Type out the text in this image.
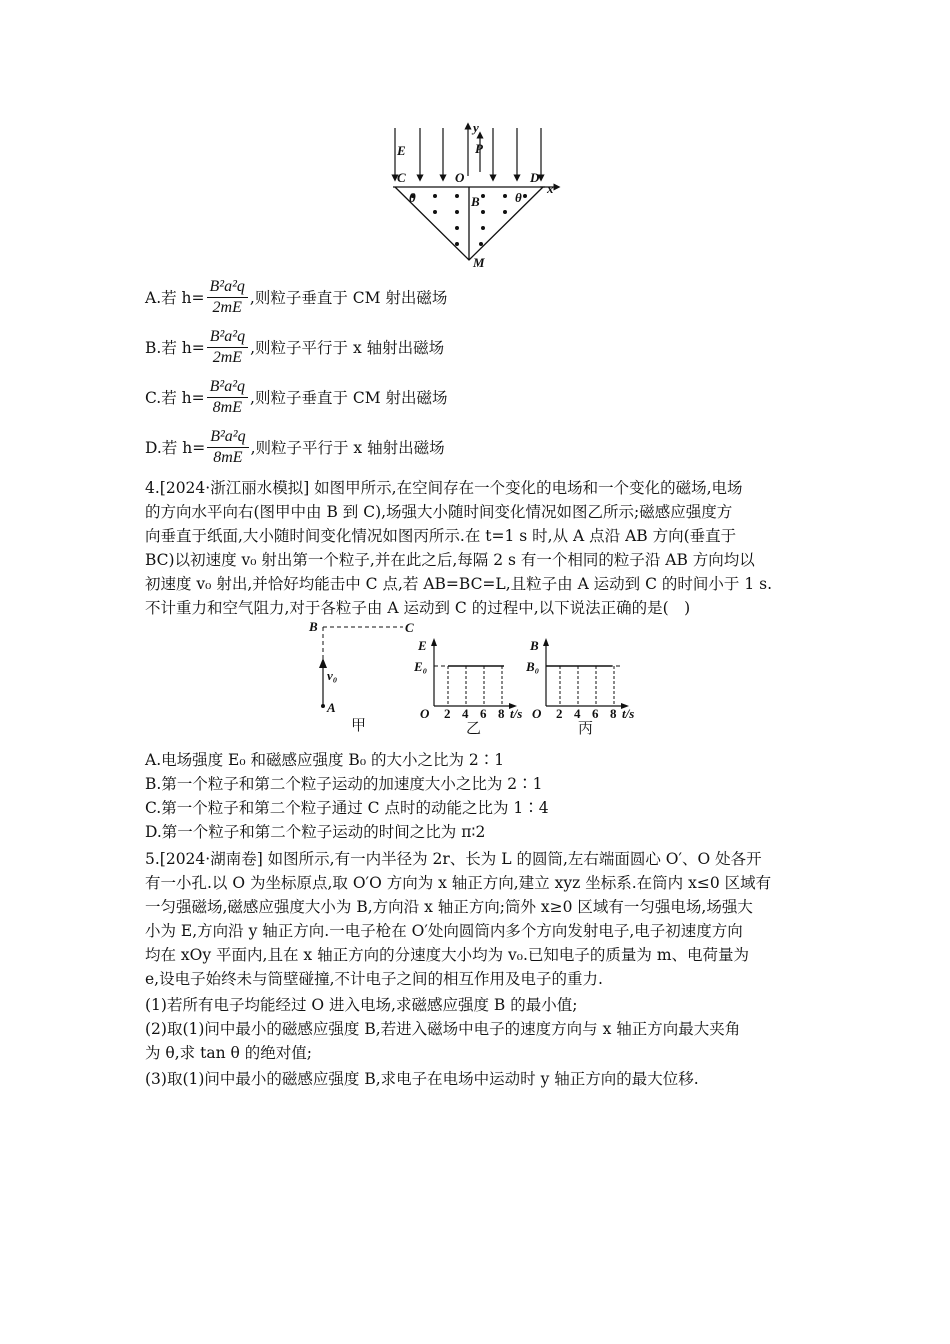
y
E	P
C	O	D
x
θ	B	θ
M
A.若 $h= \frac{\text{B²a²q}}{2mE}$ ,则粒子垂直于 CM 射出磁场
B.若 $h= \frac{\text{B²a²q}}{2mE}$ ,则粒子平行于 x 轴射出磁场
C.若 $h= \frac{\text{B²a²q}}{8mE}$ ,则粒子垂直于 CM 射出磁场
D.若 $h= \frac{\text{B²a²q}}{8mE}$ ,则粒子平行于 x 轴射出磁场
4.[2024·浙江丽水模拟] 如图甲所示,在空间存在一个变化的电场和一个变化的磁场,电场
的方向水平向右(图甲中由 B 到 C),场强大小随时间变化情况如图乙所示;磁感应强度方
向垂直于纸面,大小随时间变化情况如图丙所示.在 t=1 s 时,从 A 点沿 AB 方向(垂直于
BC)以初速度 v₀ 射出第一个粒子,并在此之后,每隔 2 s 有一个相同的粒子沿 AB 方向均以
初速度 v₀ 射出,并恰好均能击中 C 点,若 AB=BC=L,且粒子由 A 运动到 C 的时间小于 1 s.
不计重力和空气阻力,对于各粒子由 A 运动到 C 的过程中,以下说法正确的是(　)
B	C
v₀
A
甲
E
E₀
O	t/s
2 4 6 8
乙
B
B₀
O	t/s
2 4 6 8
丙
A.电场强度 E₀ 和磁感应强度 B₀ 的大小之比为 2∶1
B.第一个粒子和第二个粒子运动的加速度大小之比为 2∶1
C.第一个粒子和第二个粒子通过 C 点时的动能之比为 1∶4
D.第一个粒子和第二个粒子运动的时间之比为 π∶2
5.[2024·湖南卷] 如图所示,有一内半径为 2r、长为 L 的圆筒,左右端面圆心 O′、O 处各开
有一小孔.以 O 为坐标原点,取 O′O 方向为 x 轴正方向,建立 xyz 坐标系.在筒内 x≤0 区域有
一匀强磁场,磁感应强度大小为 B,方向沿 x 轴正方向;筒外 x≥0 区域有一匀强电场,场强大
小为 E,方向沿 y 轴正方向.一电子枪在 O′处向圆筒内多个方向发射电子,电子初速度方向
均在 xOy 平面内,且在 x 轴正方向的分速度大小均为 v₀.已知电子的质量为 m、电荷量为
e,设电子始终未与筒壁碰撞,不计电子之间的相互作用及电子的重力.
(1)若所有电子均能经过 O 进入电场,求磁感应强度 B 的最小值;
(2)取(1)问中最小的磁感应强度 B,若进入磁场中电子的速度方向与 x 轴正方向最大夹角
为 θ,求 tan θ 的绝对值;
(3)取(1)问中最小的磁感应强度 B,求电子在电场中运动时 y 轴正方向的最大位移.
